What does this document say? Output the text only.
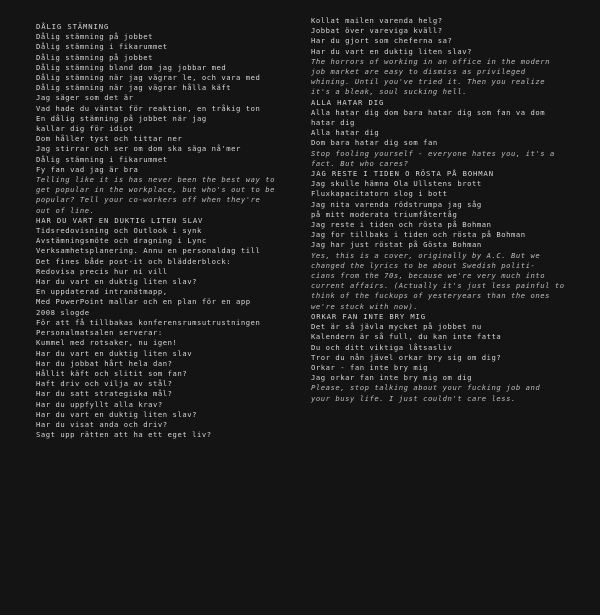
DÅLIG STÄMNING
Dålig stämning på jobbet
Dålig stämning i fikarummet
Dålig stämning på jobbet
Dålig stämning bland dom jag jobbar med
Dålig stämning när jag vägrar le, och vara med
Dålig stämning när jag vägrar hålla käft
Jag säger som det är
Vad hade du väntat för reaktion, en tråkig ton
En dålig stämning på jobbet när jag
kallar dig för idiot
Dom håller tyst och tittar ner
Jag stirrar och ser om dom ska säga nå'mer
Dålig stämning i fikarummet
Fy fan vad jag är bra
Telling like it is has never been the best way to
get popular in the workplace, but who's out to be
popular? Tell your co-workers off when they're
out of line.
HAR DU VART EN DUKTIG LITEN SLAV
Tidsredovisning och Outlook i synk
Avstämningsmöte och dragning i Lync
Verksamhetsplanering. Annu en personaldag till
Det fines både post-it och blädderblock:
Redovisa precis hur ni vill
Har du vart en duktig liten slav?
En uppdaterad intranätmapp,
Med PowerPoint mallar och en plan för en app
2008 slogde
För att få tillbakas konferensrumsutrustningen
Personalmatsalen serverar:
Kummel med rotsaker, nu igen!
Har du vart en duktig liten slav
Har du jobbat hårt hela dan?
Hållit käft och slitit som fan?
Haft driv och vilja av stål?
Har du satt strategiska mål?
Har du uppfyllt alla krav?
Har du vart en duktig liten slav?
Har du visat anda och driv?
Sagt upp rätten att ha ett eget liv?
Kollat mailen varenda helg?
Jobbat över vareviga kväll?
Har du gjort som cheferna sa?
Har du vart en duktig liten slav?
The horrors of working in an office in the modern
job market are easy to dismiss as privileged
whining. Until you've tried it. Then you realize
it's a bleak, soul sucking hell.
ALLA HATAR DIG
Alla hatar dig dom bara hatar dig som fan va dom
hatar dig
Alla hatar dig
Dom bara hatar dig som fan
Stop fooling yourself - everyone hates you, it's a
fact. But who cares?
JAG RESTE I TIDEN O RÖSTA PÅ BOHMAN
Jag skulle hämna Ola Ullstens brott
Fluxkapacitatorn slog i bott
Jag nita varenda rödstrumpa jag såg
på mitt moderata triumfåtertåg
Jag reste i tiden och rösta på Bohman
Jag for tillbaks i tiden och rösta på Bohman
Jag har just röstat på Gösta Bohman
Yes, this is a cover, originally by A.C. But we
changed the lyrics to be about Swedish politi-
cians from the 70s, because we're very much into
current affairs. (Actually it's just less painful to
think of the fuckups of yesteryears than the ones
we're stuck with now).
ORKAR FAN INTE BRY MIG
Det är så jävla mycket på jobbet nu
Kalendern är så full, du kan inte fatta
Du och ditt viktiga låtsasliv
Tror du nån jävel orkar bry sig om dig?
Orkar - fan inte bry mig
Jag orkar fan inte bry mig om dig
Please, stop talking about your fucking job and
your busy life. I just couldn't care less.
